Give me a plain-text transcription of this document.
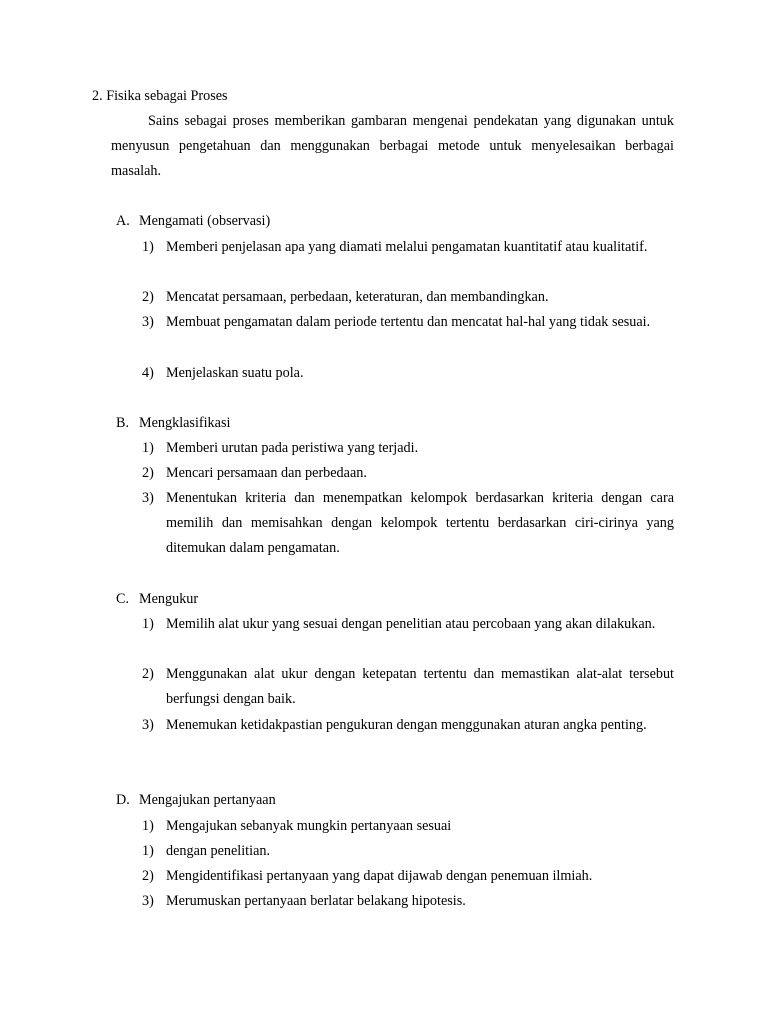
2. Fisika sebagai Proses

Sains sebagai proses memberikan gambaran mengenai pendekatan yang digunakan untuk menyusun pengetahuan dan menggunakan berbagai metode untuk menyelesaikan berbagai masalah.

A. Mengamati (observasi)
1) Memberi penjelasan apa yang diamati melalui pengamatan kuantitatif atau kualitatif.
2) Mencatat persamaan, perbedaan, keteraturan, dan membandingkan.
3) Membuat pengamatan dalam periode tertentu dan mencatat hal-hal yang tidak sesuai.
4) Menjelaskan suatu pola.
B. Mengklasifikasi
1) Memberi urutan pada peristiwa yang terjadi.
2) Mencari persamaan dan perbedaan.
3) Menentukan kriteria dan menempatkan kelompok berdasarkan kriteria dengan cara memilih dan memisahkan dengan kelompok tertentu berdasarkan ciri-cirinya yang ditemukan dalam pengamatan.
C. Mengukur
1) Memilih alat ukur yang sesuai dengan penelitian atau percobaan yang akan dilakukan.
2) Menggunakan alat ukur dengan ketepatan tertentu dan memastikan alat-alat tersebut berfungsi dengan baik.
3) Menemukan ketidakpastian pengukuran dengan menggunakan aturan angka penting.
D. Mengajukan pertanyaan
1) Mengajukan sebanyak mungkin pertanyaan sesuai
1) dengan penelitian.
2) Mengidentifikasi pertanyaan yang dapat dijawab dengan penemuan ilmiah.
3) Merumuskan pertanyaan berlatar belakang hipotesis.
